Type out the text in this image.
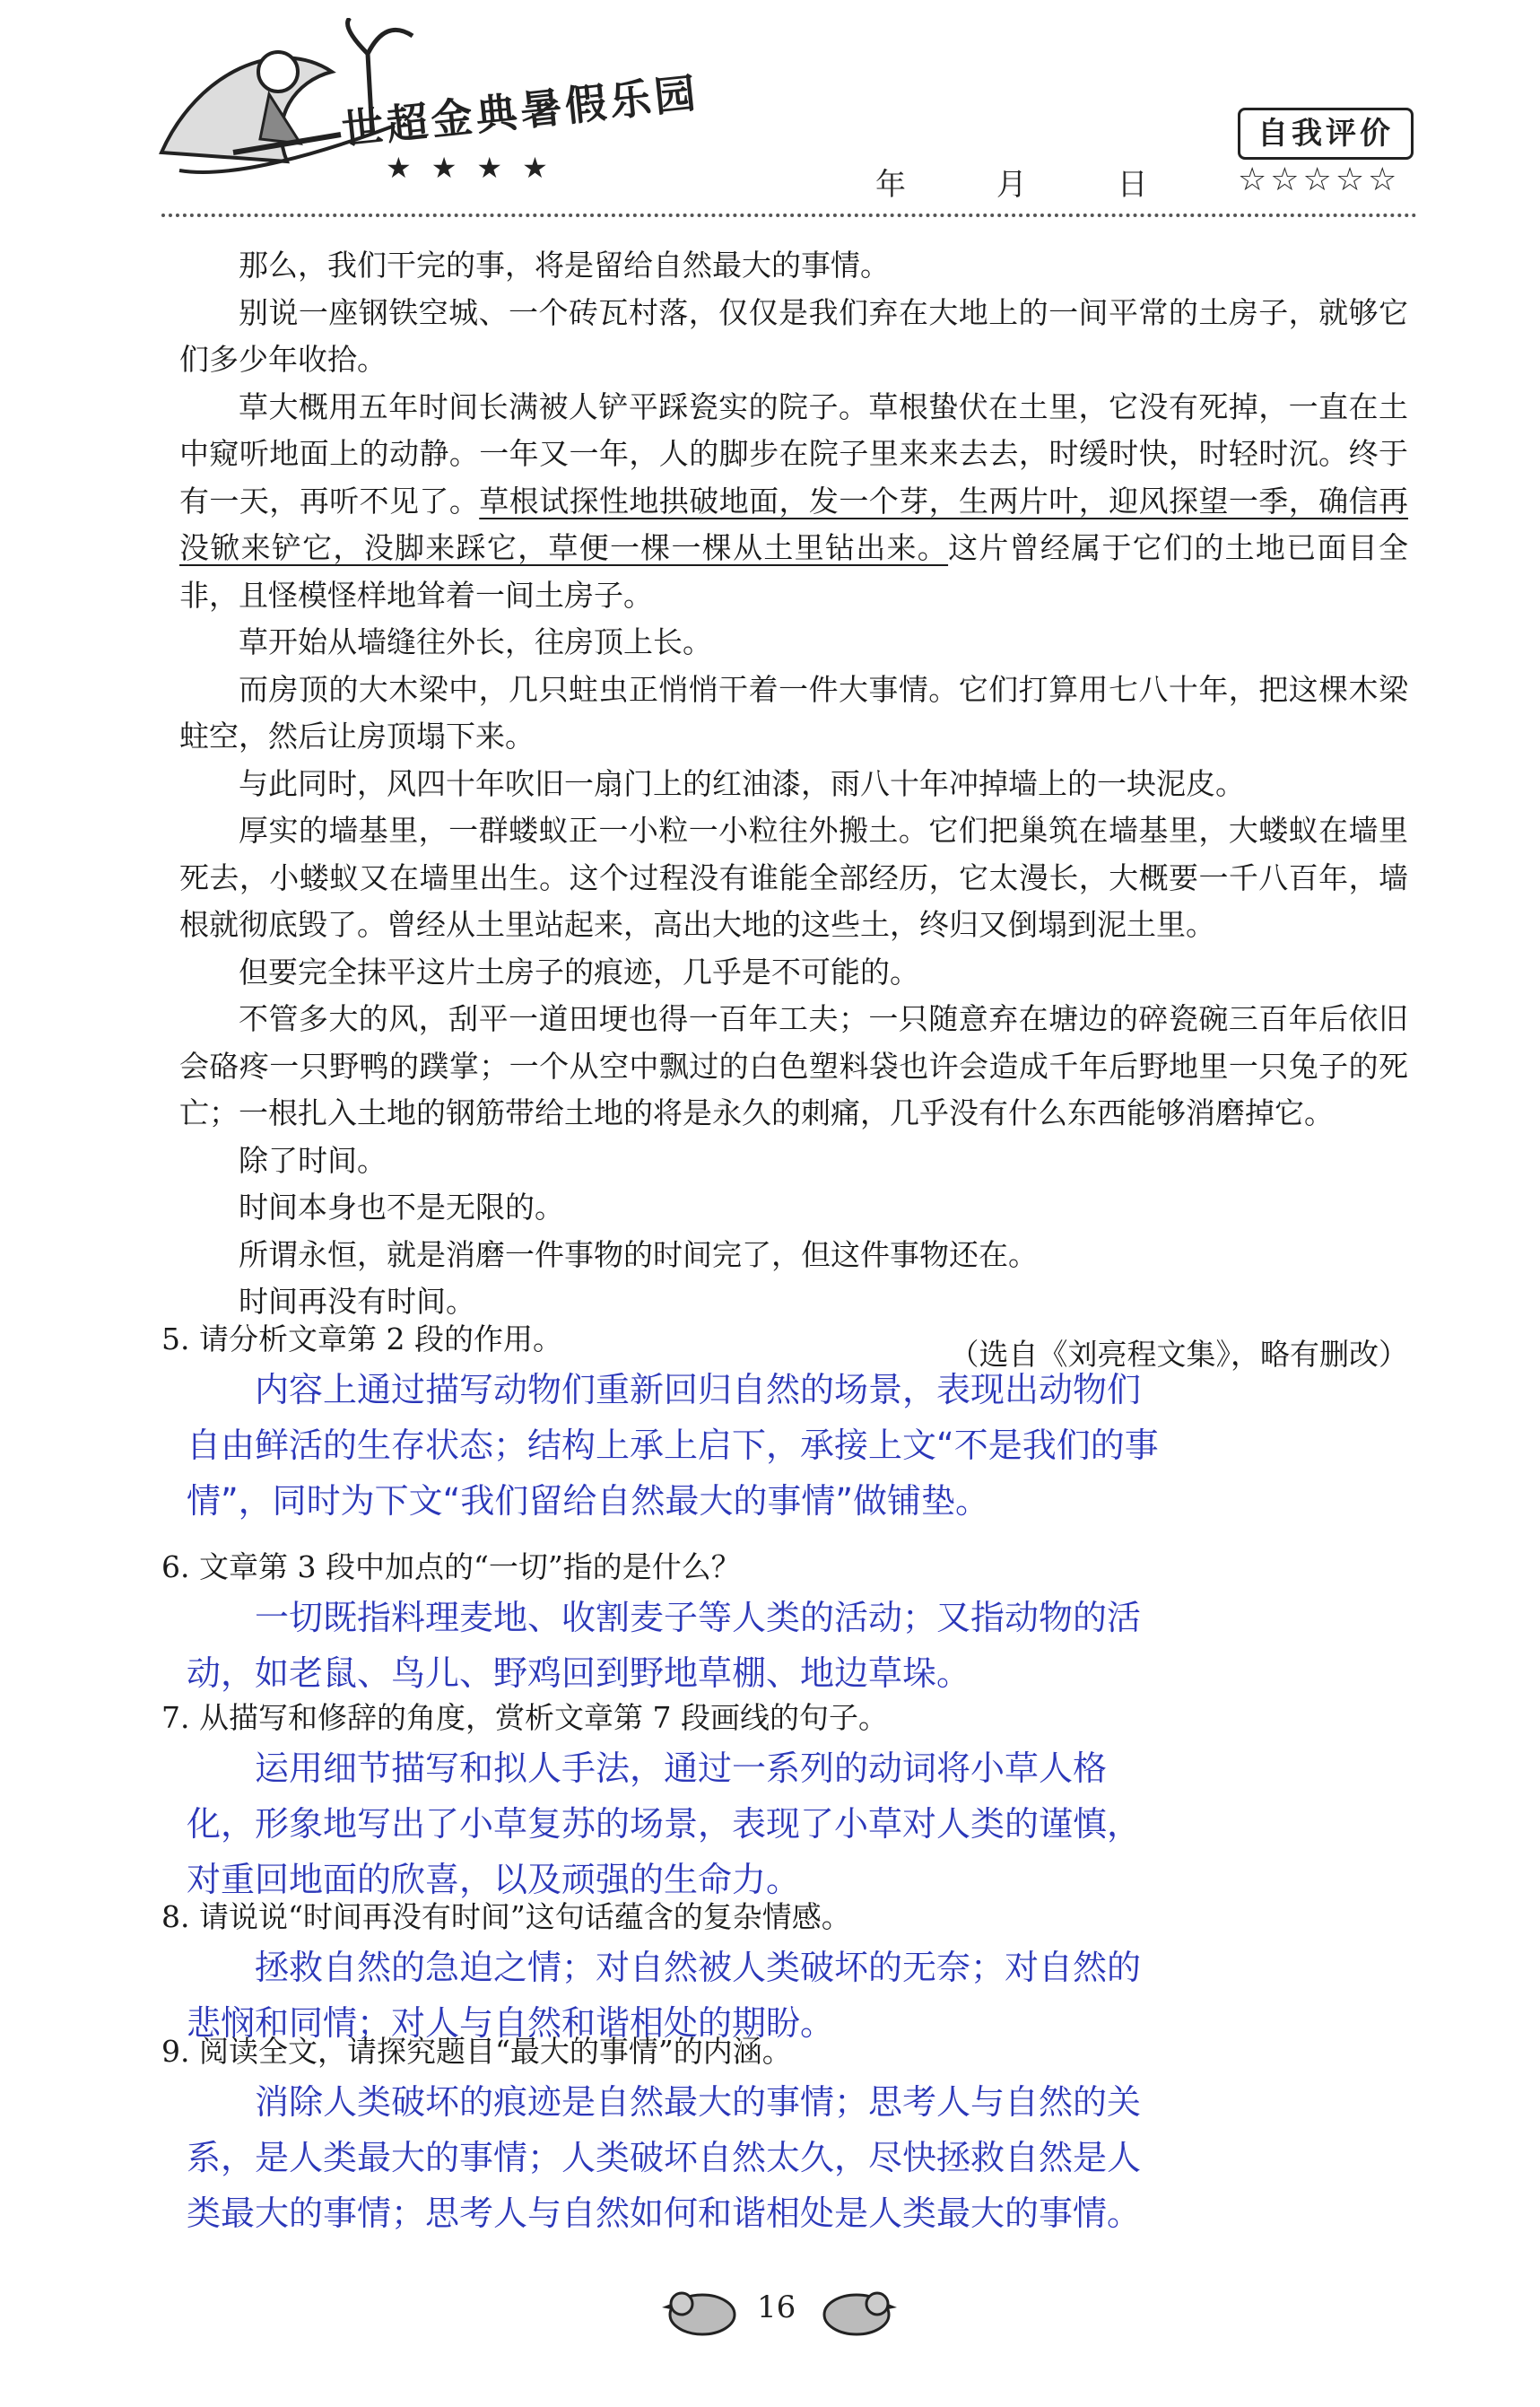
世超金典暑假乐园
★★★★	年	月	日
自我评价
☆☆☆☆☆

那么，我们干完的事，将是留给自然最大的事情。

别说一座钢铁空城、一个砖瓦村落，仅仅是我们弃在大地上的一间平常的土房子，就够它们多少年收拾。

草大概用五年时间长满被人铲平踩瓷实的院子。草根蛰伏在土里，它没有死掉，一直在土中窥听地面上的动静。一年又一年，人的脚步在院子里来来去去，时缓时快，时轻时沉。终于有一天，再听不见了。草根试探性地拱破地面，发一个芽，生两片叶，迎风探望一季，确信再没锨来铲它，没脚来踩它，草便一棵一棵从土里钻出来。这片曾经属于它们的土地已面目全非，且怪模怪样地耸着一间土房子。

草开始从墙缝往外长，往房顶上长。

而房顶的大木梁中，几只蛀虫正悄悄干着一件大事情。它们打算用七八十年，把这棵木梁蛀空，然后让房顶塌下来。

与此同时，风四十年吹旧一扇门上的红油漆，雨八十年冲掉墙上的一块泥皮。

厚实的墙基里，一群蝼蚁正一小粒一小粒往外搬土。它们把巢筑在墙基里，大蝼蚁在墙里死去，小蝼蚁又在墙里出生。这个过程没有谁能全部经历，它太漫长，大概要一千八百年，墙根就彻底毁了。曾经从土里站起来，高出大地的这些土，终归又倒塌到泥土里。

但要完全抹平这片土房子的痕迹，几乎是不可能的。

不管多大的风，刮平一道田埂也得一百年工夫；一只随意弃在塘边的碎瓷碗三百年后依旧会硌疼一只野鸭的蹼掌；一个从空中飘过的白色塑料袋也许会造成千年后野地里一只兔子的死亡；一根扎入土地的钢筋带给土地的将是永久的刺痛，几乎没有什么东西能够消磨掉它。

除了时间。

时间本身也不是无限的。

所谓永恒，就是消磨一件事物的时间完了，但这件事物还在。

时间再没有时间。

（选自《刘亮程文集》，略有删改）
5. 请分析文章第 2 段的作用。
内容上通过描写动物们重新回归自然的场景，表现出动物们自由鲜活的生存状态；结构上承上启下，承接上文“不是我们的事情”，同时为下文“我们留给自然最大的事情”做铺垫。
6. 文章第 3 段中加点的“一切”指的是什么？
一切既指料理麦地、收割麦子等人类的活动；又指动物的活动，如老鼠、鸟儿、野鸡回到野地草棚、地边草垛。
7. 从描写和修辞的角度，赏析文章第 7 段画线的句子。
运用细节描写和拟人手法，通过一系列的动词将小草人格化，形象地写出了小草复苏的场景，表现了小草对人类的谨慎，对重回地面的欣喜，以及顽强的生命力。
8. 请说说“时间再没有时间”这句话蕴含的复杂情感。
拯救自然的急迫之情；对自然被人类破坏的无奈；对自然的悲悯和同情；对人与自然和谐相处的期盼。
9. 阅读全文，请探究题目“最大的事情”的内涵。
消除人类破坏的痕迹是自然最大的事情；思考人与自然的关系，是人类最大的事情；人类破坏自然太久，尽快拯救自然是人类最大的事情；思考人与自然如何和谐相处是人类最大的事情。
16
